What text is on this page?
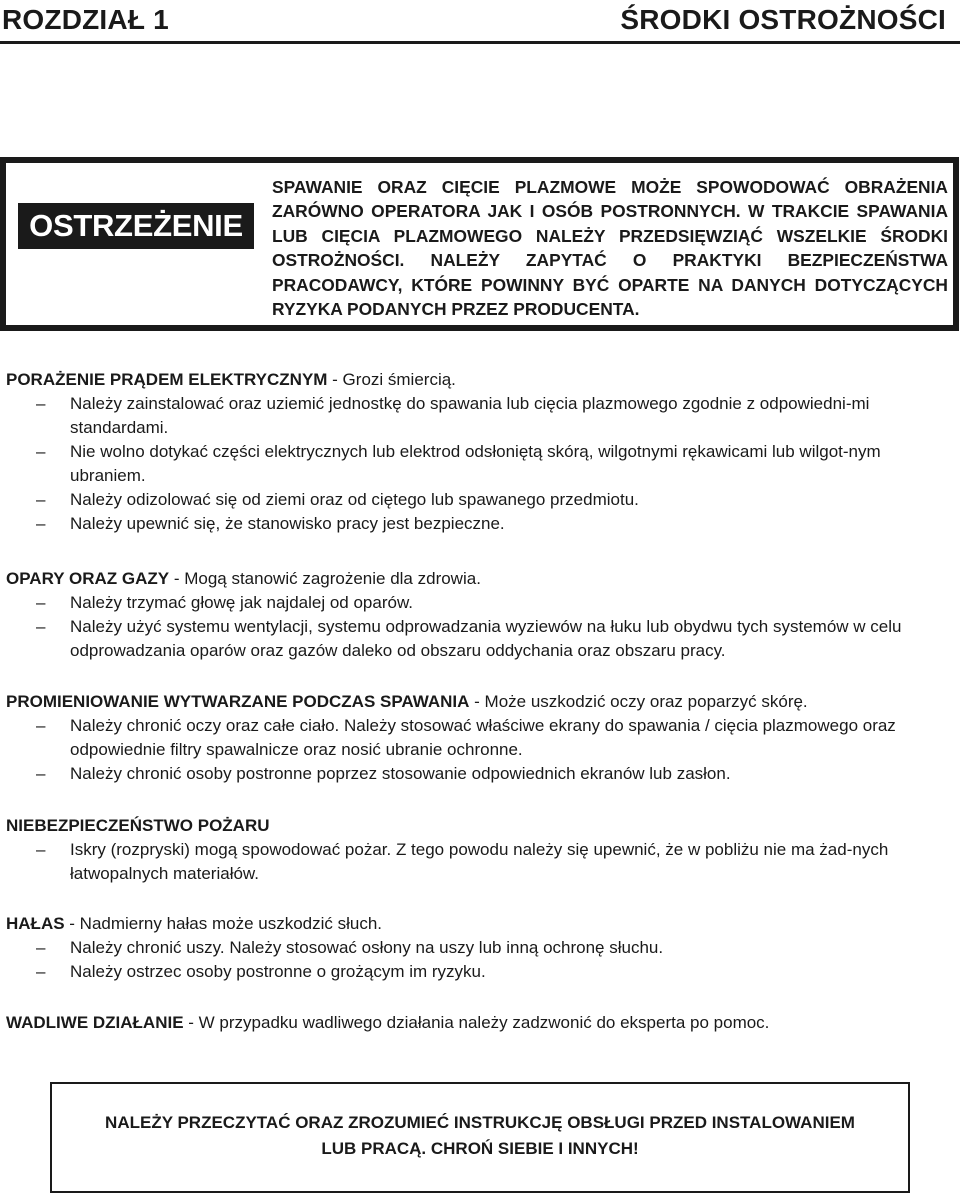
ROZDZIAŁ 1	ŚRODKI OSTROŻNOŚCI
OSTRZEŻENIE
SPAWANIE ORAZ CIĘCIE PLAZMOWE MOŻE SPOWODOWAĆ OBRAŻENIA ZARÓWNO OPERATORA JAK I OSÓB POSTRONNYCH. W TRAKCIE SPAWANIA LUB CIĘCIA PLAZMOWEGO NALEŻY PRZEDSIĘWZIĄĆ WSZELKIE ŚRODKI OSTROŻNOŚCI. NALEŻY ZAPYTAĆ O PRAKTYKI BEZPIECZEŃSTWA PRACODAWCY, KTÓRE POWINNY BYĆ OPARTE NA DANYCH DOTYCZĄCYCH RYZYKA PODANYCH PRZEZ PRODUCENTA.
PORAŻENIE PRĄDEM ELEKTRYCZNYM - Grozi śmiercią.
– Należy zainstalować oraz uziemić jednostkę do spawania lub cięcia plazmowego zgodnie z odpowiedni-mi standardami.
– Nie wolno dotykać części elektrycznych lub elektrod odsłoniętą skórą, wilgotnymi rękawicami lub wilgot-nym ubraniem.
– Należy odizolować się od ziemi oraz od ciętego lub spawanego przedmiotu.
– Należy upewnić się, że stanowisko pracy jest bezpieczne.
OPARY ORAZ GAZY - Mogą stanowić zagrożenie dla zdrowia.
– Należy trzymać głowę jak najdalej od oparów.
– Należy użyć systemu wentylacji, systemu odprowadzania wyziewów na łuku lub obydwu tych systemów w celu odprowadzania oparów oraz gazów daleko od obszaru oddychania oraz obszaru pracy.
PROMIENIOWANIE WYTWARZANE PODCZAS SPAWANIA - Może uszkodzić oczy oraz poparzyć skórę.
– Należy chronić oczy oraz całe ciało. Należy stosować właściwe ekrany do spawania / cięcia plazmowego oraz odpowiednie filtry spawalnicze oraz nosić ubranie ochronne.
– Należy chronić osoby postronne poprzez stosowanie odpowiednich ekranów lub zasłon.
NIEBEZPIECZEŃSTWO POŻARU
– Iskry (rozpryski) mogą spowodować pożar. Z tego powodu należy się upewnić, że w pobliżu nie ma żad-nych łatwopalnych materiałów.
HAŁAS - Nadmierny hałas może uszkodzić słuch.
– Należy chronić uszy. Należy stosować osłony na uszy lub inną ochronę słuchu.
– Należy ostrzec osoby postronne o grożącym im ryzyku.
WADLIWE DZIAŁANIE - W przypadku wadliwego działania należy zadzwonić do eksperta po pomoc.
NALEŻY PRZECZYTAĆ ORAZ ZROZUMIEĆ INSTRUKCJĘ OBSŁUGI PRZED INSTALOWANIEM
LUB PRACĄ. CHROŃ SIEBIE I INNYCH!
